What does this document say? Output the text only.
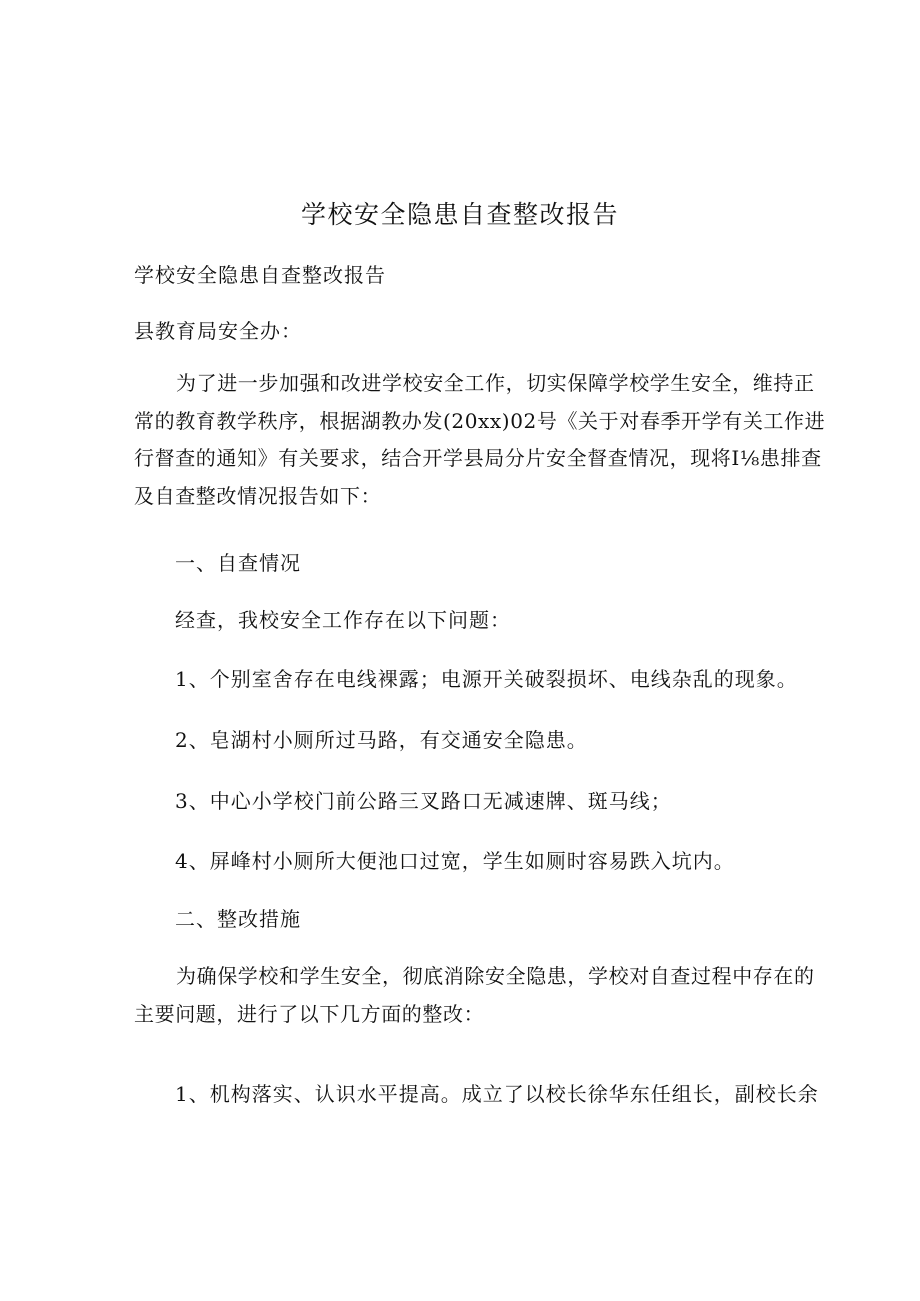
学校安全隐患自查整改报告
学校安全隐患自查整改报告
县教育局安全办：
为了进一步加强和改进学校安全工作，切实保障学校学生安全，维持正
常的教育教学秩序，根据湖教办发(20xx)02号《关于对春季开学有关工作进
行督查的通知》有关要求，结合开学县局分片安全督查情况，现将I⅛患排查
及自查整改情况报告如下：
一、自查情况
经查，我校安全工作存在以下问题：
1、个别室舍存在电线裸露；电源开关破裂损坏、电线杂乱的现象。
2、皂湖村小厕所过马路，有交通安全隐患。
3、中心小学校门前公路三叉路口无减速牌、斑马线；
4、屏峰村小厕所大便池口过宽，学生如厕时容易跌入坑内。
二、整改措施
为确保学校和学生安全，彻底消除安全隐患，学校对自查过程中存在的
主要问题，进行了以下几方面的整改：
1、机构落实、认识水平提高。成立了以校长徐华东任组长，副校长余
